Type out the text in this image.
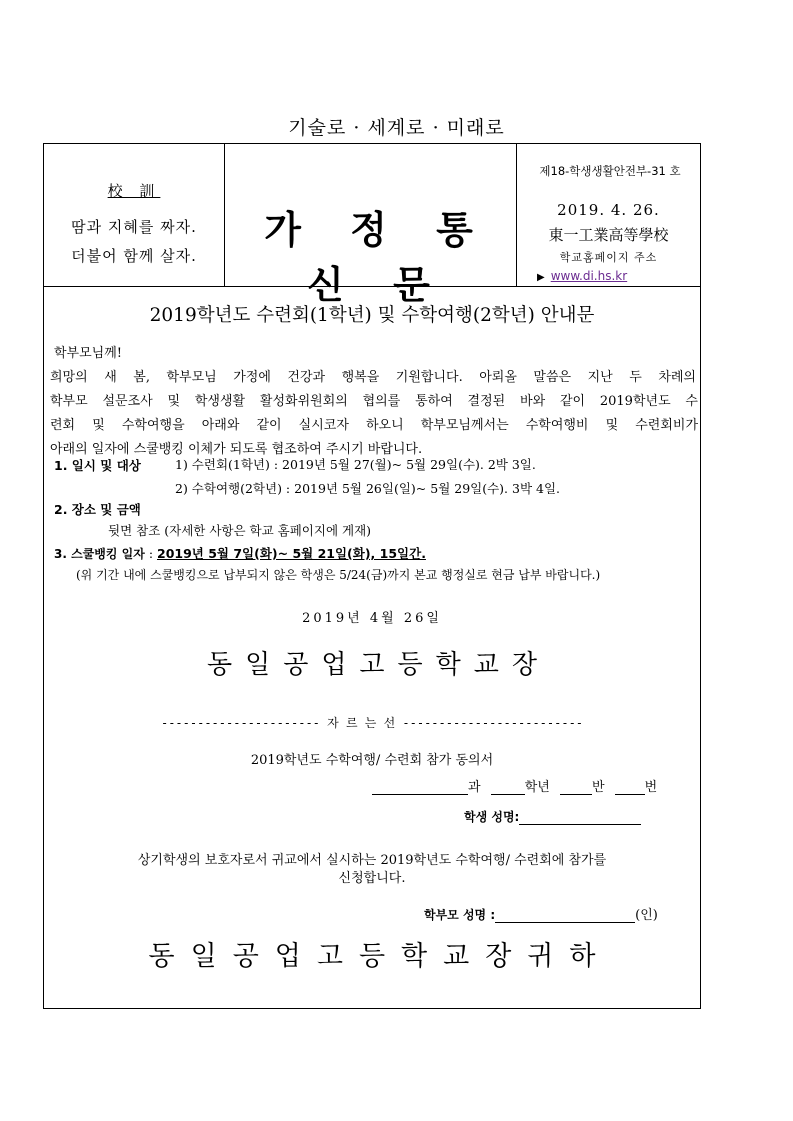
기술로 · 세계로 · 미래로
校 訓
땀과 지혜를 짜자.
더불어 함께 살자.
가 정 통 신 문
제18-학생생활안전부-31 호
2019. 4. 26.
東一工業高等學校
학교홈페이지 주소
▶ www.di.hs.kr
2019학년도 수련회(1학년) 및 수학여행(2학년) 안내문
학부모님께!
희망의 새 봄, 학부모님 가정에 건강과 행복을 기원합니다. 아뢰올 말씀은 지난 두 차례의
학부모 설문조사 및 학생생활 활성화위원회의 협의를 통하여 결정된 바와 같이 2019학년도 수
련회 및 수학여행을 아래와 같이 실시코자 하오니 학부모님께서는 수학여행비 및 수련회비가
아래의 일자에 스쿨뱅킹 이체가 되도록 협조하여 주시기 바랍니다.
1. 일시 및 대상	1) 수련회(1학년) : 2019년 5월 27(월)~ 5월 29일(수). 2박 3일.
2) 수학여행(2학년) : 2019년 5월 26일(일)~ 5월 29일(수). 3박 4일.
2. 장소 및 금액
뒷면 참조 (자세한 사항은 학교 홈페이지에 게재)
3. 스쿨뱅킹 일자 : 2019년 5월 7일(화)~ 5월 21일(화), 15일간.
(위 기간 내에 스쿨뱅킹으로 납부되지 않은 학생은 5/24(금)까지 본교 행정실로 현금 납부 바랍니다.)
2019년 4월 26일
동일공업고등학교장
---------------------- 자 르 는 선 -------------------------
2019학년도 수학여행/ 수련회 참가 동의서
과	학년	반	번
학생 성명:
상기학생의 보호자로서 귀교에서 실시하는 2019학년도 수학여행/ 수련회에 참가를
신청합니다.
학부모 성명 :	(인)
동일공업고등학교장귀하
